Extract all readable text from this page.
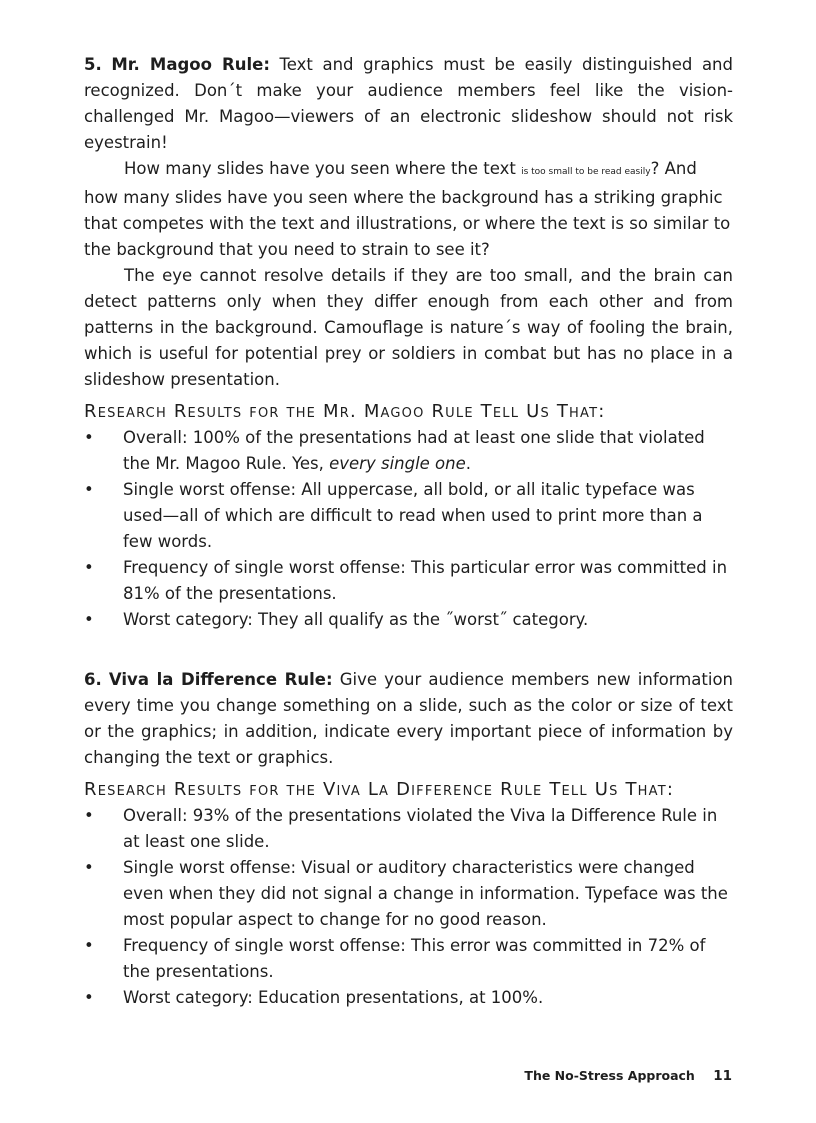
5. Mr. Magoo Rule: Text and graphics must be easily distinguished and recognized. Don´t make your audience members feel like the vision-challenged Mr. Magoo—viewers of an electronic slideshow should not risk eyestrain!

How many slides have you seen where the text is too small to be read easily? And how many slides have you seen where the background has a striking graphic that competes with the text and illustrations, or where the text is so similar to the background that you need to strain to see it?

The eye cannot resolve details if they are too small, and the brain can detect patterns only when they differ enough from each other and from patterns in the background. Camouflage is nature´s way of fooling the brain, which is useful for potential prey or soldiers in combat but has no place in a slideshow presentation.

Research Results for the Mr. Magoo Rule Tell Us That:

• Overall: 100% of the presentations had at least one slide that violated the Mr. Magoo Rule. Yes, every single one.
• Single worst offense: All uppercase, all bold, or all italic typeface was used—all of which are difficult to read when used to print more than a few words.
• Frequency of single worst offense: This particular error was committed in 81% of the presentations.
• Worst category: They all qualify as the ˝worst˝ category.

6. Viva la Difference Rule: Give your audience members new information every time you change something on a slide, such as the color or size of text or the graphics; in addition, indicate every important piece of information by changing the text or graphics.

Research Results for the Viva La Difference Rule Tell Us That:

• Overall: 93% of the presentations violated the Viva la Difference Rule in at least one slide.
• Single worst offense: Visual or auditory characteristics were changed even when they did not signal a change in information. Typeface was the most popular aspect to change for no good reason.
• Frequency of single worst offense: This error was committed in 72% of the presentations.
• Worst category: Education presentations, at 100%.
The No-Stress Approach 11
